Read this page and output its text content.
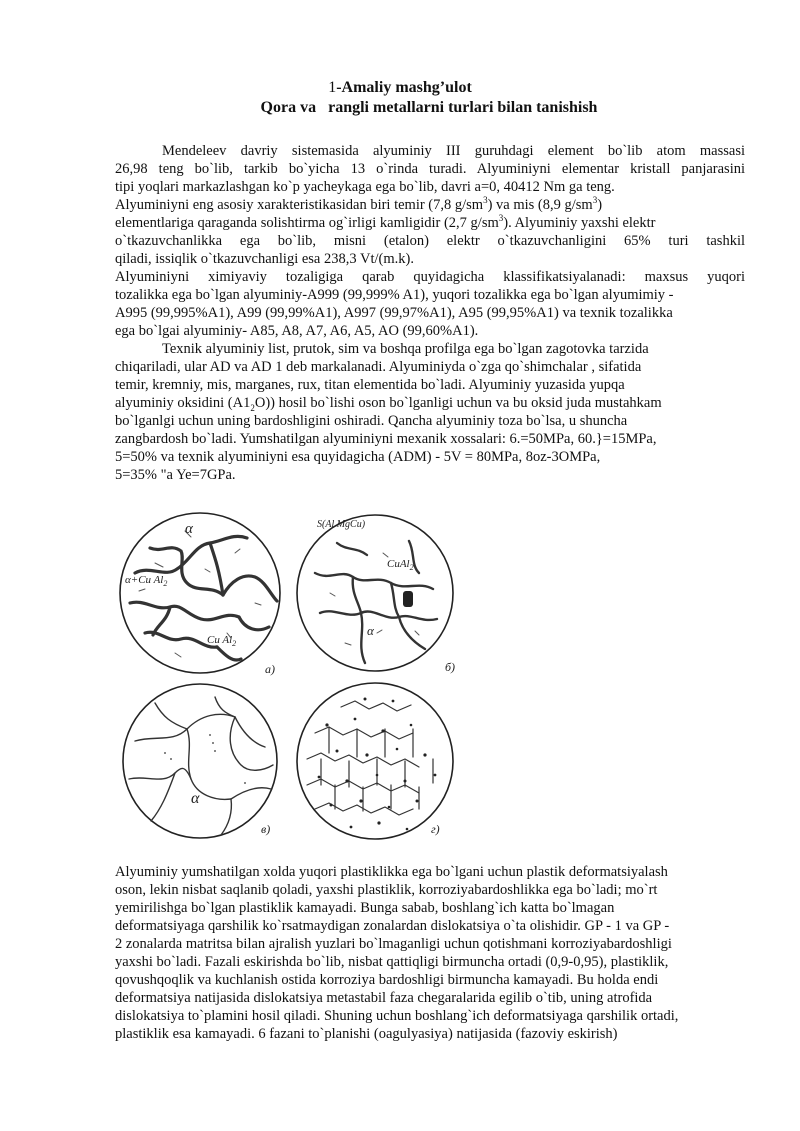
1-Amaliy mashg’ulot
Qora va   rangli metallarni turlari bilan tanishish

Mendeleev davriy sistemasida alyuminiy III guruhdagi element bo`lib atom massasi

26,98 teng bo`lib, tarkib bo`yicha 13 o`rinda turadi. Alyuminiyni elementar kristall panjarasini

tipi yoqlari markazlashgan ko`p yacheykaga ega bo`lib, davri a=0, 40412 Nm ga teng.

Alyuminiyni eng asosiy xarakteristikasidan biri temir (7,8 $g/sm^3$) va mis (8,9 $g/sm^3$)

elementlariga qaraganda solishtirma og`irligi kamligidir (2,7 $g/sm^3$). Alyuminiy yaxshi elektr

o`tkazuvchanlikka ega bo`lib, misni (etalon) elektr o`tkazuvchanligini 65% turi tashkil

qiladi, issiqlik o`tkazuvchanligi esa 238,3 Vt/(m.k).

Alyuminiyni ximiyaviy tozaligiga qarab quyidagicha klassifikatsiyalanadi: maxsus yuqori

tozalikka ega bo`lgan alyuminiy-A999 (99,999% A1), yuqori tozalikka ega bo`lgan alyumimiy -

A995 (99,995%A1), A99 (99,99%A1), A997 (99,97%A1), A95 (99,95%A1) va texnik tozalikka

ega bo`lgai alyuminiy- A85, A8, A7, A6, A5, AO (99,60%A1).

Texnik alyuminiy list, prutok, sim va boshqa profilga ega bo`lgan zagotovka tarzida

chiqariladi, ular AD va AD 1 deb markalanadi. Alyuminiyda o`zga qo`shimchalar , sifatida

temir, kremniy, mis, marganes, rux, titan elementida bo`ladi. Alyuminiy yuzasida yupqa

alyuminiy oksidini $(A1_2O)$) hosil bo`lishi oson bo`lganligi uchun va bu oksid juda mustahkam

bo`lganlgi uchun uning bardoshligini oshiradi. Qancha alyuminiy toza bo`lsa, u shuncha

zangbardosh bo`ladi. Yumshatilgan alyuminiyni mexanik xossalari: 6.=50MPa, 60.}=15MPa,

5=50% va texnik alyuminiyni esa quyidagicha (ADM) - 5V = 80MPa, 8oz-3OMPa,

5=35% "a Ye=7GPa.

α
α+Cu $Al_2$
Cu $Al_2$
a)
S(Al MgCu)
CuAl$_2$
α
б)
α
в)	г)

Alyuminiy yumshatilgan xolda yuqori plastiklikka ega bo`lgani uchun plastik deformatsiyalash

oson, lekin nisbat saqlanib qoladi, yaxshi plastiklik, korroziyabardoshlikka ega bo`ladi; mo`rt

yemirilishga bo`lgan plastiklik kamayadi. Bunga sabab, boshlang`ich katta bo`lmagan

deformatsiyaga qarshilik ko`rsatmaydigan zonalardan dislokatsiya o`ta olishidir. GP - 1 va GP -

2 zonalarda matritsa bilan ajralish yuzlari bo`lmaganligi uchun qotishmani korroziyabardoshligi

yaxshi bo`ladi. Fazali eskirishda bo`lib, nisbat qattiqligi birmuncha ortadi (0,9-0,95), plastiklik,

qovushqoqlik va kuchlanish ostida korroziya bardoshligi birmuncha kamayadi. Bu holda endi

deformatsiya natijasida dislokatsiya metastabil faza chegaralarida egilib o`tib, uning atrofida

dislokatsiya to`plamini hosil qiladi. Shuning uchun boshlang`ich deformatsiyaga qarshilik ortadi,

plastiklik esa kamayadi. 6 fazani to`planishi (oagulyasiya) natijasida (fazoviy eskirish)
